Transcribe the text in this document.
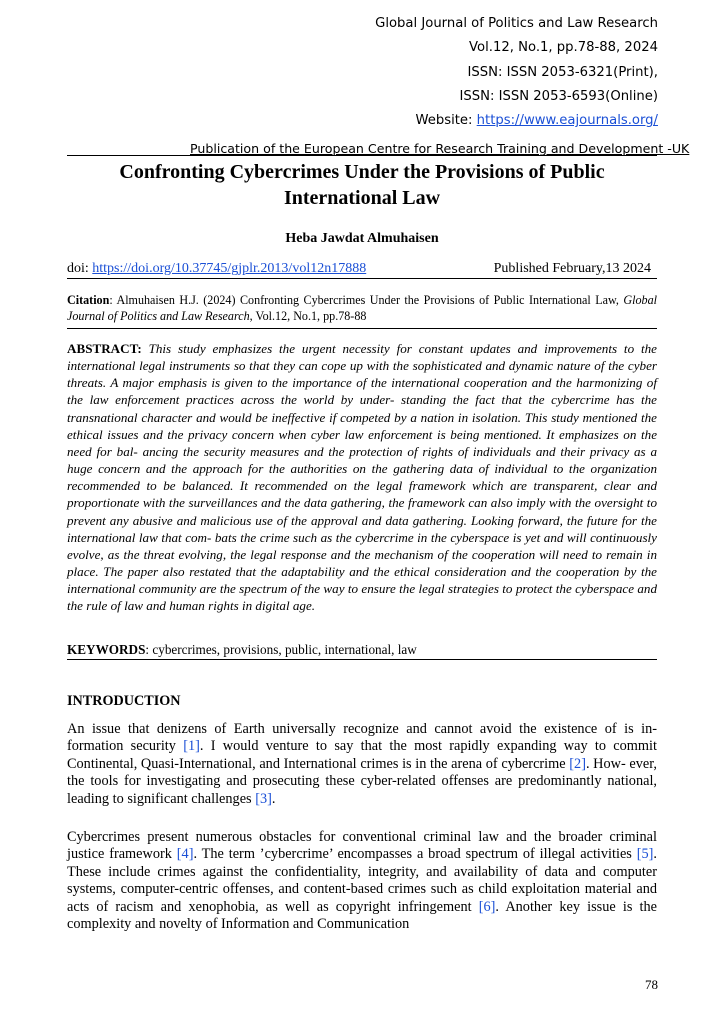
Global Journal of Politics and Law Research
Vol.12, No.1, pp.78-88, 2024
ISSN: ISSN 2053-6321(Print),
ISSN: ISSN 2053-6593(Online)
Website: https://www.eajournals.org/
Publication of the European Centre for Research Training and Development -UK
Confronting Cybercrimes Under the Provisions of Public International Law
Heba Jawdat Almuhaisen
doi: https://doi.org/10.37745/gjplr.2013/vol12n17888	Published February,13 2024
Citation: Almuhaisen H.J. (2024) Confronting Cybercrimes Under the Provisions of Public International Law, Global Journal of Politics and Law Research, Vol.12, No.1, pp.78-88
ABSTRACT: This study emphasizes the urgent necessity for constant updates and improvements to the international legal instruments so that they can cope up with the sophisticated and dynamic nature of the cyber threats. A major emphasis is given to the importance of the international cooperation and the harmonizing of the law enforcement practices across the world by under- standing the fact that the cybercrime has the transnational character and would be ineffective if competed by a nation in isolation. This study mentioned the ethical issues and the privacy concern when cyber law enforcement is being mentioned. It emphasizes on the need for bal- ancing the security measures and the protection of rights of individuals and their privacy as a huge concern and the approach for the authorities on the gathering data of individual to the organization recommended to be balanced. It recommended on the legal framework which are transparent, clear and proportionate with the surveillances and the data gathering, the framework can also imply with the oversight to prevent any abusive and malicious use of the approval and data gathering. Looking forward, the future for the international law that com- bats the crime such as the cybercrime in the cyberspace is yet and will continuously evolve, as the threat evolving, the legal response and the mechanism of the cooperation will need to remain in place. The paper also restated that the adaptability and the ethical consideration and the cooperation by the international community are the spectrum of the way to ensure the legal strategies to protect the cyberspace and the rule of law and human rights in digital age.
KEYWORDS: cybercrimes, provisions, public, international, law
INTRODUCTION
An issue that denizens of Earth universally recognize and cannot avoid the existence of is in- formation security [1]. I would venture to say that the most rapidly expanding way to commit Continental, Quasi-International, and International crimes is in the arena of cybercrime [2]. How- ever, the tools for investigating and prosecuting these cyber-related offenses are predominantly national, leading to significant challenges [3].
Cybercrimes present numerous obstacles for conventional criminal law and the broader criminal justice framework [4]. The term ’cybercrime’ encompasses a broad spectrum of illegal activities [5]. These include crimes against the confidentiality, integrity, and availability of data and computer systems, computer-centric offenses, and content-based crimes such as child exploitation material and acts of racism and xenophobia, as well as copyright infringement [6]. Another key issue is the complexity and novelty of Information and Communication
78
